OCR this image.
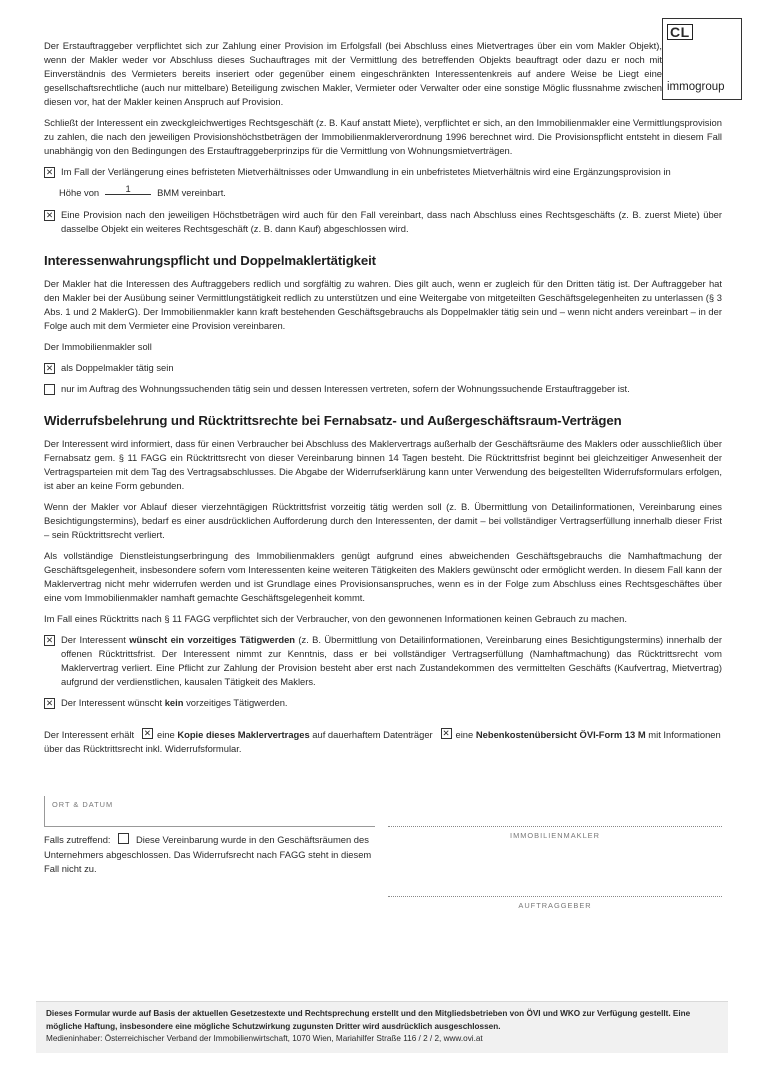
Der Erstauftraggeber verpflichtet sich zur Zahlung einer Provision im Erfolgsfall (bei Abschluss eines Mietvertrages über ein vom Makler Objekt), wenn der Makler weder vor Abschluss dieses Suchauftrages mit der Vermittlung des betreffenden Objekts beauftragt oder dazu er noch mit Einverständnis des Vermieters bereits inseriert oder gegenüber einem eingeschränkten Interessentenkreis auf andere Weise be Liegt eine gesellschaftsrechtliche (auch nur mittelbare) Beteiligung zwischen Makler, Vermieter oder Verwalter oder eine sonstige Möglic flussnahme zwischen diesen vor, hat der Makler keinen Anspruch auf Provision.

Schließt der Interessent ein zweckgleichwertiges Rechtsgeschäft (z. B. Kauf anstatt Miete), verpflichtet er sich, an den Immobilienmakler eine Vermittlungsprovision zu zahlen, die nach den jeweiligen Provisionshöchstbeträgen der Immobilienmaklerverordnung 1996 berechnet wird. Die Provisionspflicht entsteht in diesem Fall unabhängig von den Bedingungen des Erstauftraggeberprinzips für die Vermittlung von Wohnungsmietverträgen.

✕
Im Fall der Verlängerung eines befristeten Mietverhältnisses oder Umwandlung in ein unbefristetes Mietverhältnis wird eine Ergänzungsprovision in
Höhe von	1	BMM vereinbart.
✕
Eine Provision nach den jeweiligen Höchstbeträgen wird auch für den Fall vereinbart, dass nach Abschluss eines Rechtsgeschäfts (z. B. zuerst Miete) über dasselbe Objekt ein weiteres Rechtsgeschäft (z. B. dann Kauf) abgeschlossen wird.
Interessenwahrungspflicht und Doppelmaklertätigkeit

Der Makler hat die Interessen des Auftraggebers redlich und sorgfältig zu wahren. Dies gilt auch, wenn er zugleich für den Dritten tätig ist. Der Auftraggeber hat den Makler bei der Ausübung seiner Vermittlungstätigkeit redlich zu unterstützen und eine Weitergabe von mitgeteilten Geschäftsgelegenheiten zu unterlassen (§ 3 Abs. 1 und 2 MaklerG). Der Immobilienmakler kann kraft bestehenden Geschäftsgebrauchs als Doppelmakler tätig sein und – wenn nicht anders vereinbart – in der Folge auch mit dem Vermieter eine Provision vereinbaren.

Der Immobilienmakler soll

✕
als Doppelmakler tätig sein
nur im Auftrag des Wohnungssuchenden tätig sein und dessen Interessen vertreten, sofern der Wohnungssuchende Erstauftraggeber ist.
Widerrufsbelehrung und Rücktrittsrechte bei Fernabsatz- und Außergeschäftsraum-Verträgen

Der Interessent wird informiert, dass für einen Verbraucher bei Abschluss des Maklervertrags außerhalb der Geschäftsräume des Maklers oder ausschließlich über Fernabsatz gem. § 11 FAGG ein Rücktrittsrecht von dieser Vereinbarung binnen 14 Tagen besteht. Die Rücktrittsfrist beginnt bei gleichzeitiger Anwesenheit der Vertragsparteien mit dem Tag des Vertragsabschlusses. Die Abgabe der Widerrufserklärung kann unter Verwendung des beigestellten Widerrufsformulars erfolgen, ist aber an keine Form gebunden.

Wenn der Makler vor Ablauf dieser vierzehntägigen Rücktrittsfrist vorzeitig tätig werden soll (z. B. Übermittlung von Detailinformationen, Vereinbarung eines Besichtigungstermins), bedarf es einer ausdrücklichen Aufforderung durch den Interessenten, der damit – bei vollständiger Vertragserfüllung innerhalb dieser Frist – sein Rücktrittsrecht verliert.

Als vollständige Dienstleistungserbringung des Immobilienmaklers genügt aufgrund eines abweichenden Geschäftsgebrauchs die Namhaftmachung der Geschäftsgelegenheit, insbesondere sofern vom Interessenten keine weiteren Tätigkeiten des Maklers gewünscht oder ermöglicht werden. In diesem Fall kann der Maklervertrag nicht mehr widerrufen werden und ist Grundlage eines Provisionsanspruches, wenn es in der Folge zum Abschluss eines Rechtsgeschäftes über eine vom Immobilienmakler namhaft gemachte Geschäftsgelegenheit kommt.

Im Fall eines Rücktritts nach § 11 FAGG verpflichtet sich der Verbraucher, von den gewonnenen Informationen keinen Gebrauch zu machen.

✕
Der Interessent wünscht ein vorzeitiges Tätigwerden (z. B. Übermittlung von Detailinformationen, Vereinbarung eines Besichtigungstermins) innerhalb der offenen Rücktrittsfrist. Der Interessent nimmt zur Kenntnis, dass er bei vollständiger Vertragserfüllung (Namhaftmachung) das Rücktrittsrecht vom Maklervertrag verliert. Eine Pflicht zur Zahlung der Provision besteht aber erst nach Zustandekommen des vermittelten Geschäfts (Kaufvertrag, Mietvertrag) aufgrund der verdienstlichen, kausalen Tätigkeit des Maklers.
✕
Der Interessent wünscht kein vorzeitiges Tätigwerden.

Der Interessent erhält ✕ eine Kopie dieses Maklervertrages auf dauerhaftem Datenträger ✕ eine Nebenkostenübersicht ÖVI-Form 13 M mit Informationen über das Rücktrittsrecht inkl. Widerrufsformular.

CL
immogroup
ORT & DATUM
IMMOBILIENMAKLER
AUFTRAGGEBER
Falls zutreffend:	Diese Vereinbarung wurde in den Geschäftsräumen des Unternehmers abgeschlossen. Das Widerrufsrecht nach FAGG steht in diesem Fall nicht zu.
Dieses Formular wurde auf Basis der aktuellen Gesetzestexte und Rechtsprechung erstellt und den Mitgliedsbetrieben von ÖVI und WKO zur Verfügung gestellt. Eine mögliche Haftung, insbesondere eine mögliche Schutzwirkung zugunsten Dritter wird ausdrücklich ausgeschlossen.
Medieninhaber: Österreichischer Verband der Immobilienwirtschaft, 1070 Wien, Mariahilfer Straße 116 / 2 / 2, www.ovi.at
